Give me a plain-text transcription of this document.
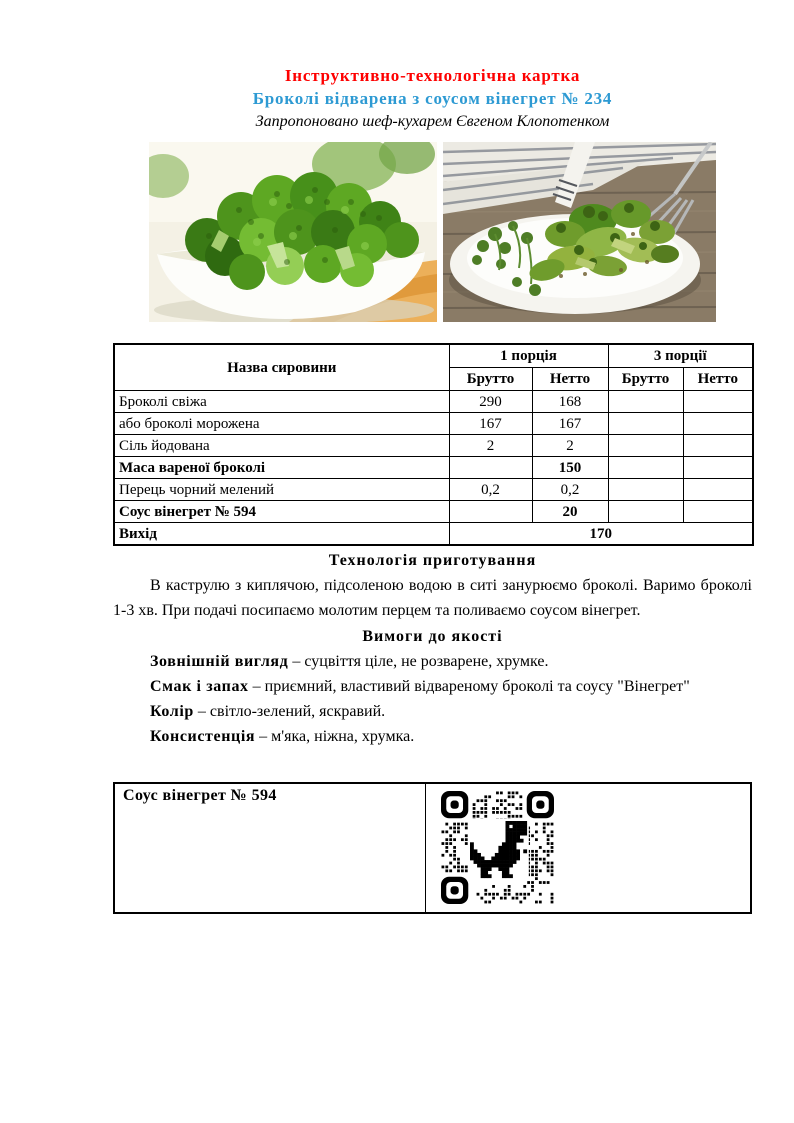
Інструктивно-технологічна картка
Броколі відварена з соусом вінегрет № 234
Запропоновано шеф-кухарем Євгеном Клопотенком
Назва сировини	1 порція		3 порції	
	Брутто	Нетто	Брутто	Нетто
Броколі свіжа	290	168		
або броколі морожена	167	167		
Сіль йодована	2	2		
Маса вареної броколі		150		
Перець чорний мелений	0,2	0,2		
Соус вінегрет № 594		20		
Вихід	170			
Технологія приготування

В каструлю з киплячою, підсоленою водою в ситі занурюємо броколі. Варимо броколі 1-3 хв. При подачі посипаємо молотим перцем та поливаємо соусом вінегрет.

Вимоги до якості

Зовнішній вигляд – суцвіття ціле, не розварене, хрумке.

Смак і запах – приємний, властивий відвареному броколі та соусу "Вінегрет"

Колір – світло-зелений, яскравий.

Консистенція – м'яка, ніжна, хрумка.

Соус вінегрет № 594
